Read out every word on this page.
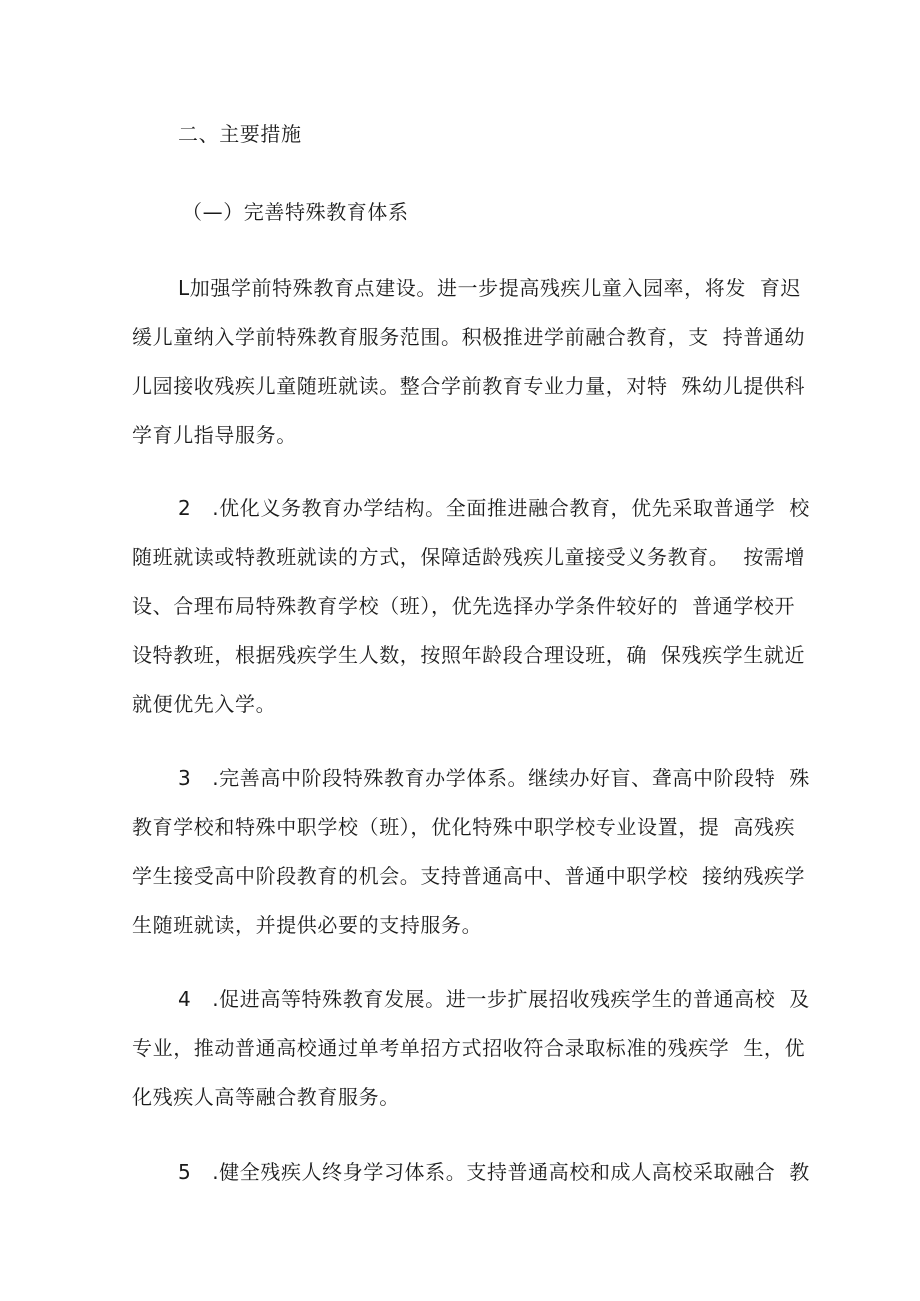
二、主要措施
（—）完善特殊教育体系
L加强学前特殊教育点建设。进一步提高残疾儿童入园率，将发  育迟
缓儿童纳入学前特殊教育服务范围。积极推进学前融合教育，支  持普通幼
儿园接收残疾儿童随班就读。整合学前教育专业力量，对特  殊幼儿提供科
学育儿指导服务。
2   .优化义务教育办学结构。全面推进融合教育，优先采取普通学  校
随班就读或特教班就读的方式，保障适龄残疾儿童接受义务教育。  按需增
设、合理布局特殊教育学校（班），优先选择办学条件较好的  普通学校开
设特教班，根据残疾学生人数，按照年龄段合理设班，确  保残疾学生就近
就便优先入学。
3   .完善高中阶段特殊教育办学体系。继续办好盲、聋高中阶段特  殊
教育学校和特殊中职学校（班），优化特殊中职学校专业设置，提  高残疾
学生接受高中阶段教育的机会。支持普通高中、普通中职学校  接纳残疾学
生随班就读，并提供必要的支持服务。
4   .促进高等特殊教育发展。进一步扩展招收残疾学生的普通高校  及
专业，推动普通高校通过单考单招方式招收符合录取标准的残疾学  生，优
化残疾人高等融合教育服务。
5   .健全残疾人终身学习体系。支持普通高校和成人高校采取融合  教
